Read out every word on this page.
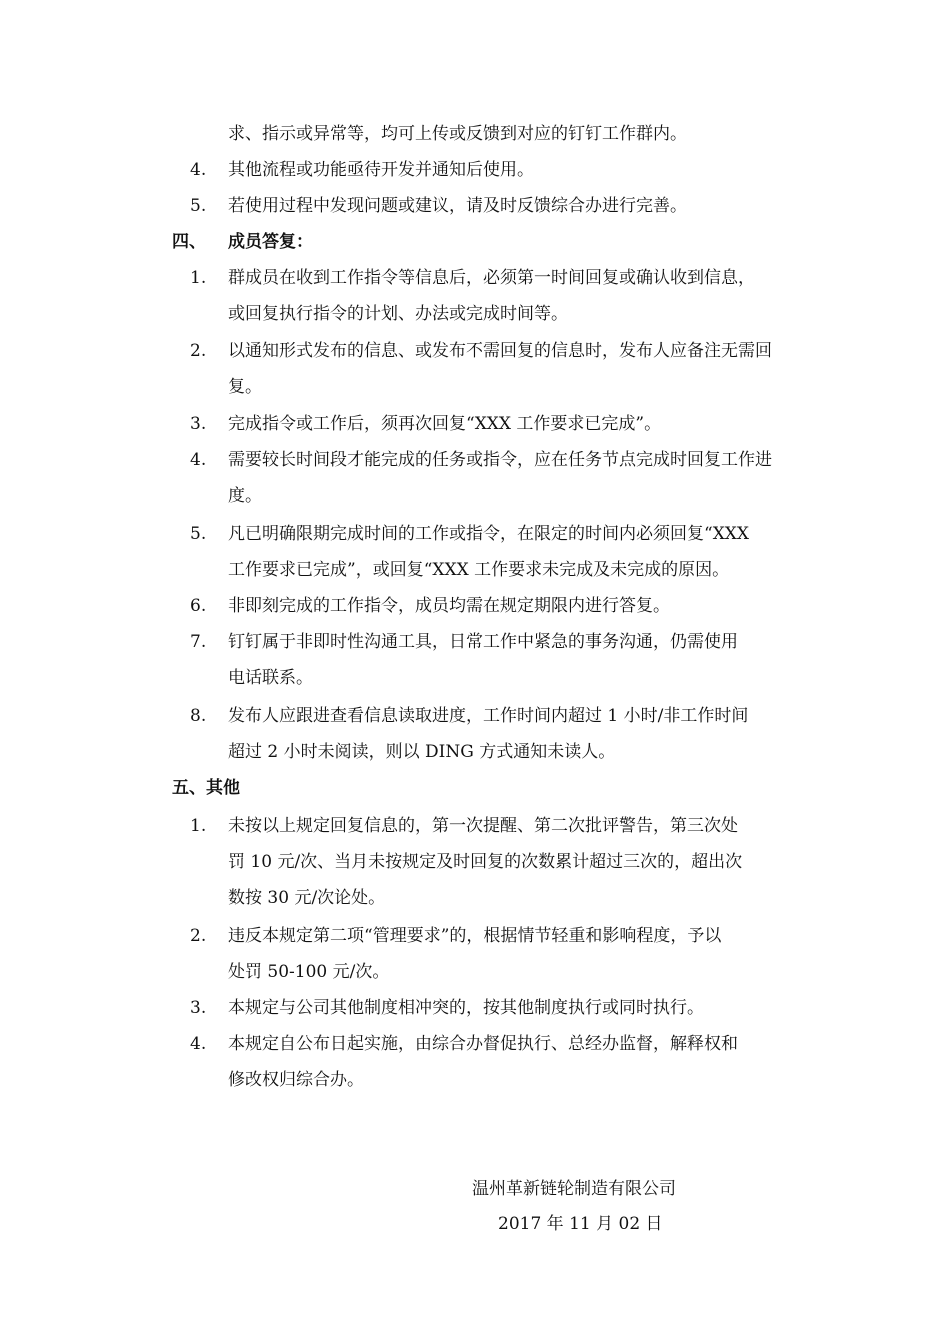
求、指示或异常等，均可上传或反馈到对应的钉钉工作群内。
4.	其他流程或功能亟待开发并通知后使用。
5.	若使用过程中发现问题或建议，请及时反馈综合办进行完善。
四、 成员答复：
1.	群成员在收到工作指令等信息后，必须第一时间回复或确认收到信息，
或回复执行指令的计划、办法或完成时间等。
2.	以通知形式发布的信息、或发布不需回复的信息时，发布人应备注无需回
复。
3.	完成指令或工作后，须再次回复“XXX 工作要求已完成”。
4.	需要较长时间段才能完成的任务或指令，应在任务节点完成时回复工作进
度。
5.	凡已明确限期完成时间的工作或指令，在限定的时间内必须回复“XXX
工作要求已完成”，或回复“XXX 工作要求未完成及未完成的原因。
6.	非即刻完成的工作指令，成员均需在规定期限内进行答复。
7.	钉钉属于非即时性沟通工具，日常工作中紧急的事务沟通，仍需使用
电话联系。
8.	发布人应跟进查看信息读取进度，工作时间内超过 1 小时/非工作时间
超过 2 小时未阅读，则以 DING 方式通知未读人。
五、其他
1.	未按以上规定回复信息的，第一次提醒、第二次批评警告，第三次处
罚 10 元/次、当月未按规定及时回复的次数累计超过三次的，超出次
数按 30 元/次论处。
2.	违反本规定第二项“管理要求”的，根据情节轻重和影响程度，予以
处罚 50-100 元/次。
3.	本规定与公司其他制度相冲突的，按其他制度执行或同时执行。
4.	本规定自公布日起实施，由综合办督促执行、总经办监督，解释权和
修改权归综合办。
温州革新链轮制造有限公司
2017 年 11 月 02 日
